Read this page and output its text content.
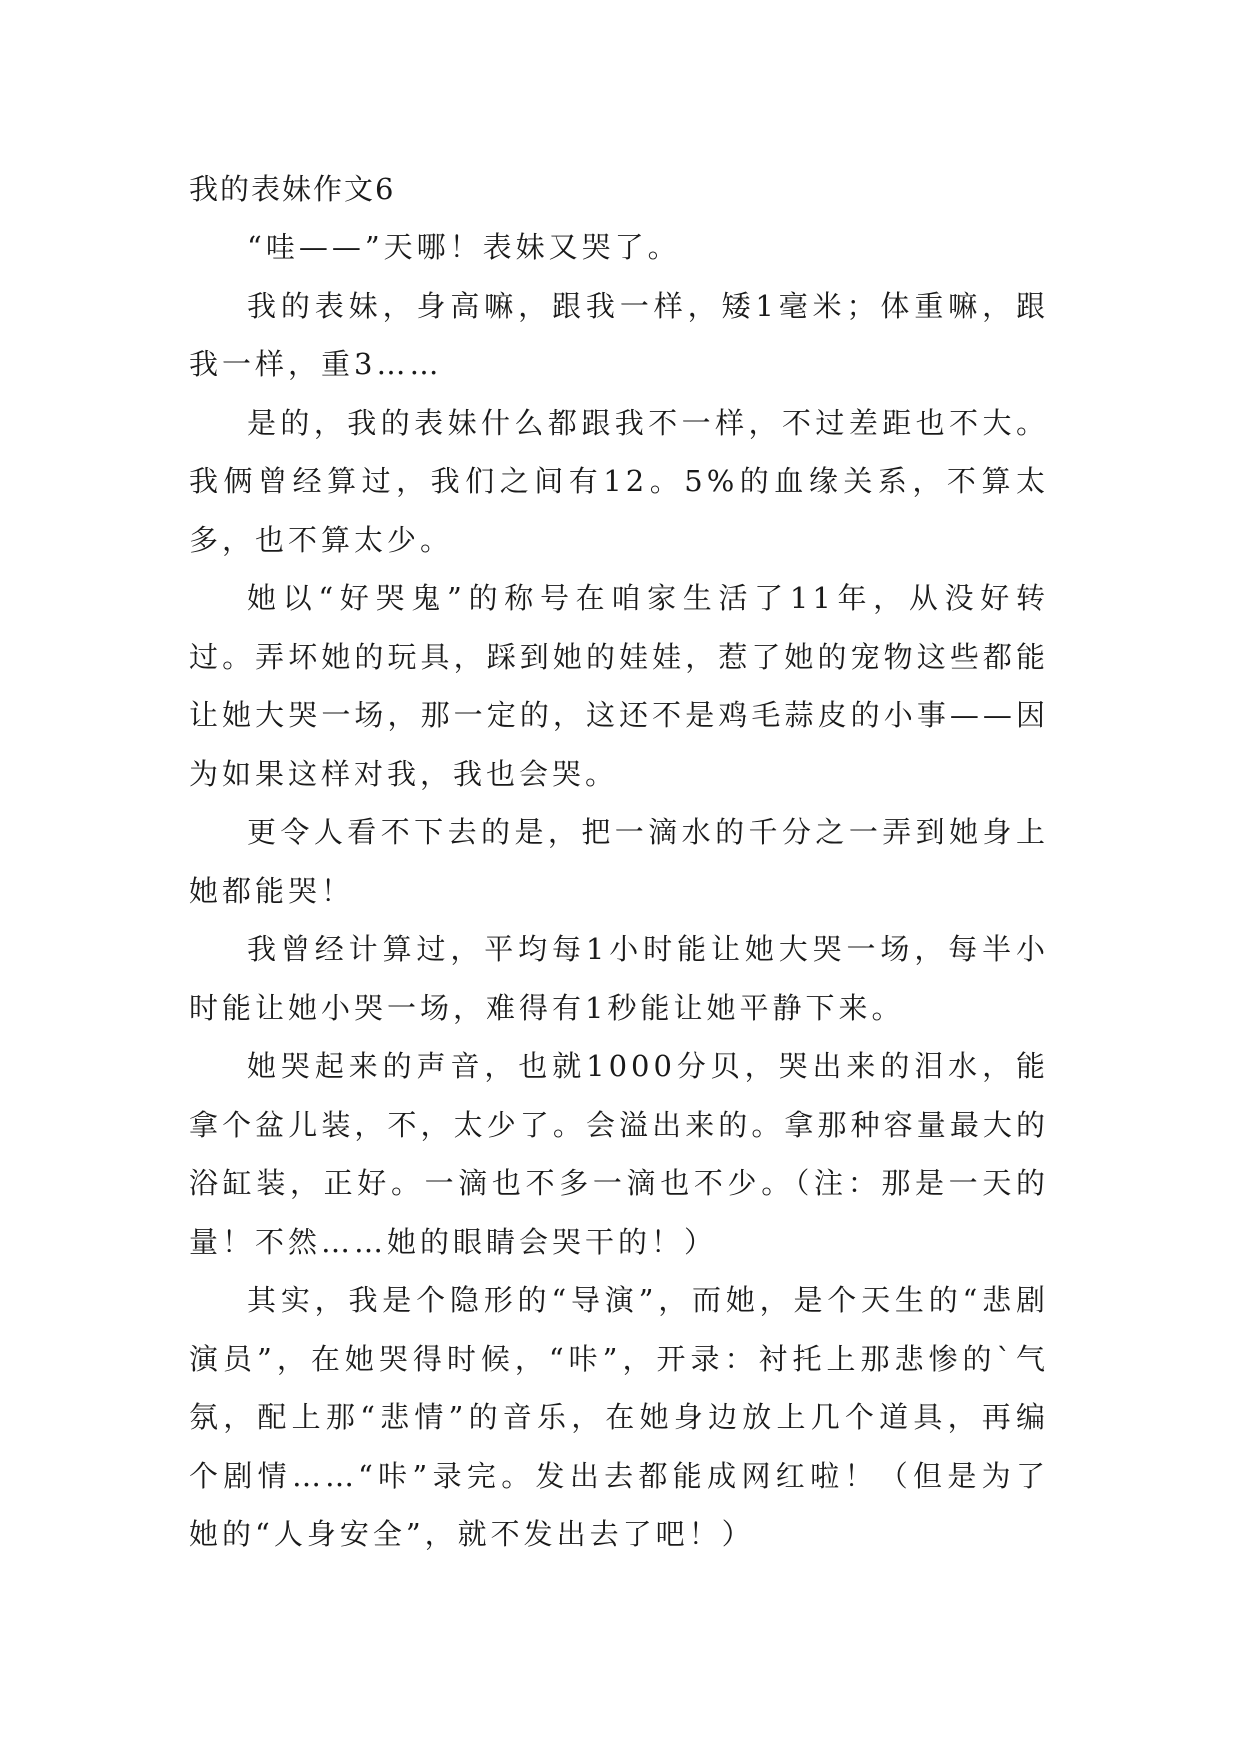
我的表妹作文6

“哇——”天哪！表妹又哭了。

我的表妹，身高嘛，跟我一样，矮1毫米；体重嘛，跟我一样，重3……

是的，我的表妹什么都跟我不一样，不过差距也不大。我俩曾经算过，我们之间有12。5%的血缘关系，不算太多，也不算太少。

她以“好哭鬼”的称号在咱家生活了11年，从没好转过。弄坏她的玩具，踩到她的娃娃，惹了她的宠物这些都能让她大哭一场，那一定的，这还不是鸡毛蒜皮的小事——因为如果这样对我，我也会哭。

更令人看不下去的是，把一滴水的千分之一弄到她身上她都能哭！

我曾经计算过，平均每1小时能让她大哭一场，每半小时能让她小哭一场，难得有1秒能让她平静下来。

她哭起来的声音，也就1000分贝，哭出来的泪水，能拿个盆儿装，不，太少了。会溢出来的。拿那种容量最大的浴缸装，正好。一滴也不多一滴也不少。（注：那是一天的量！不然……她的眼睛会哭干的！）

其实，我是个隐形的“导演”，而她，是个天生的“悲剧演员”，在她哭得时候，“咔”，开录：衬托上那悲惨的`气氛，配上那“悲情”的音乐，在她身边放上几个道具，再编个剧情……“咔”录完。发出去都能成网红啦！（但是为了她的“人身安全”，就不发出去了吧！）
